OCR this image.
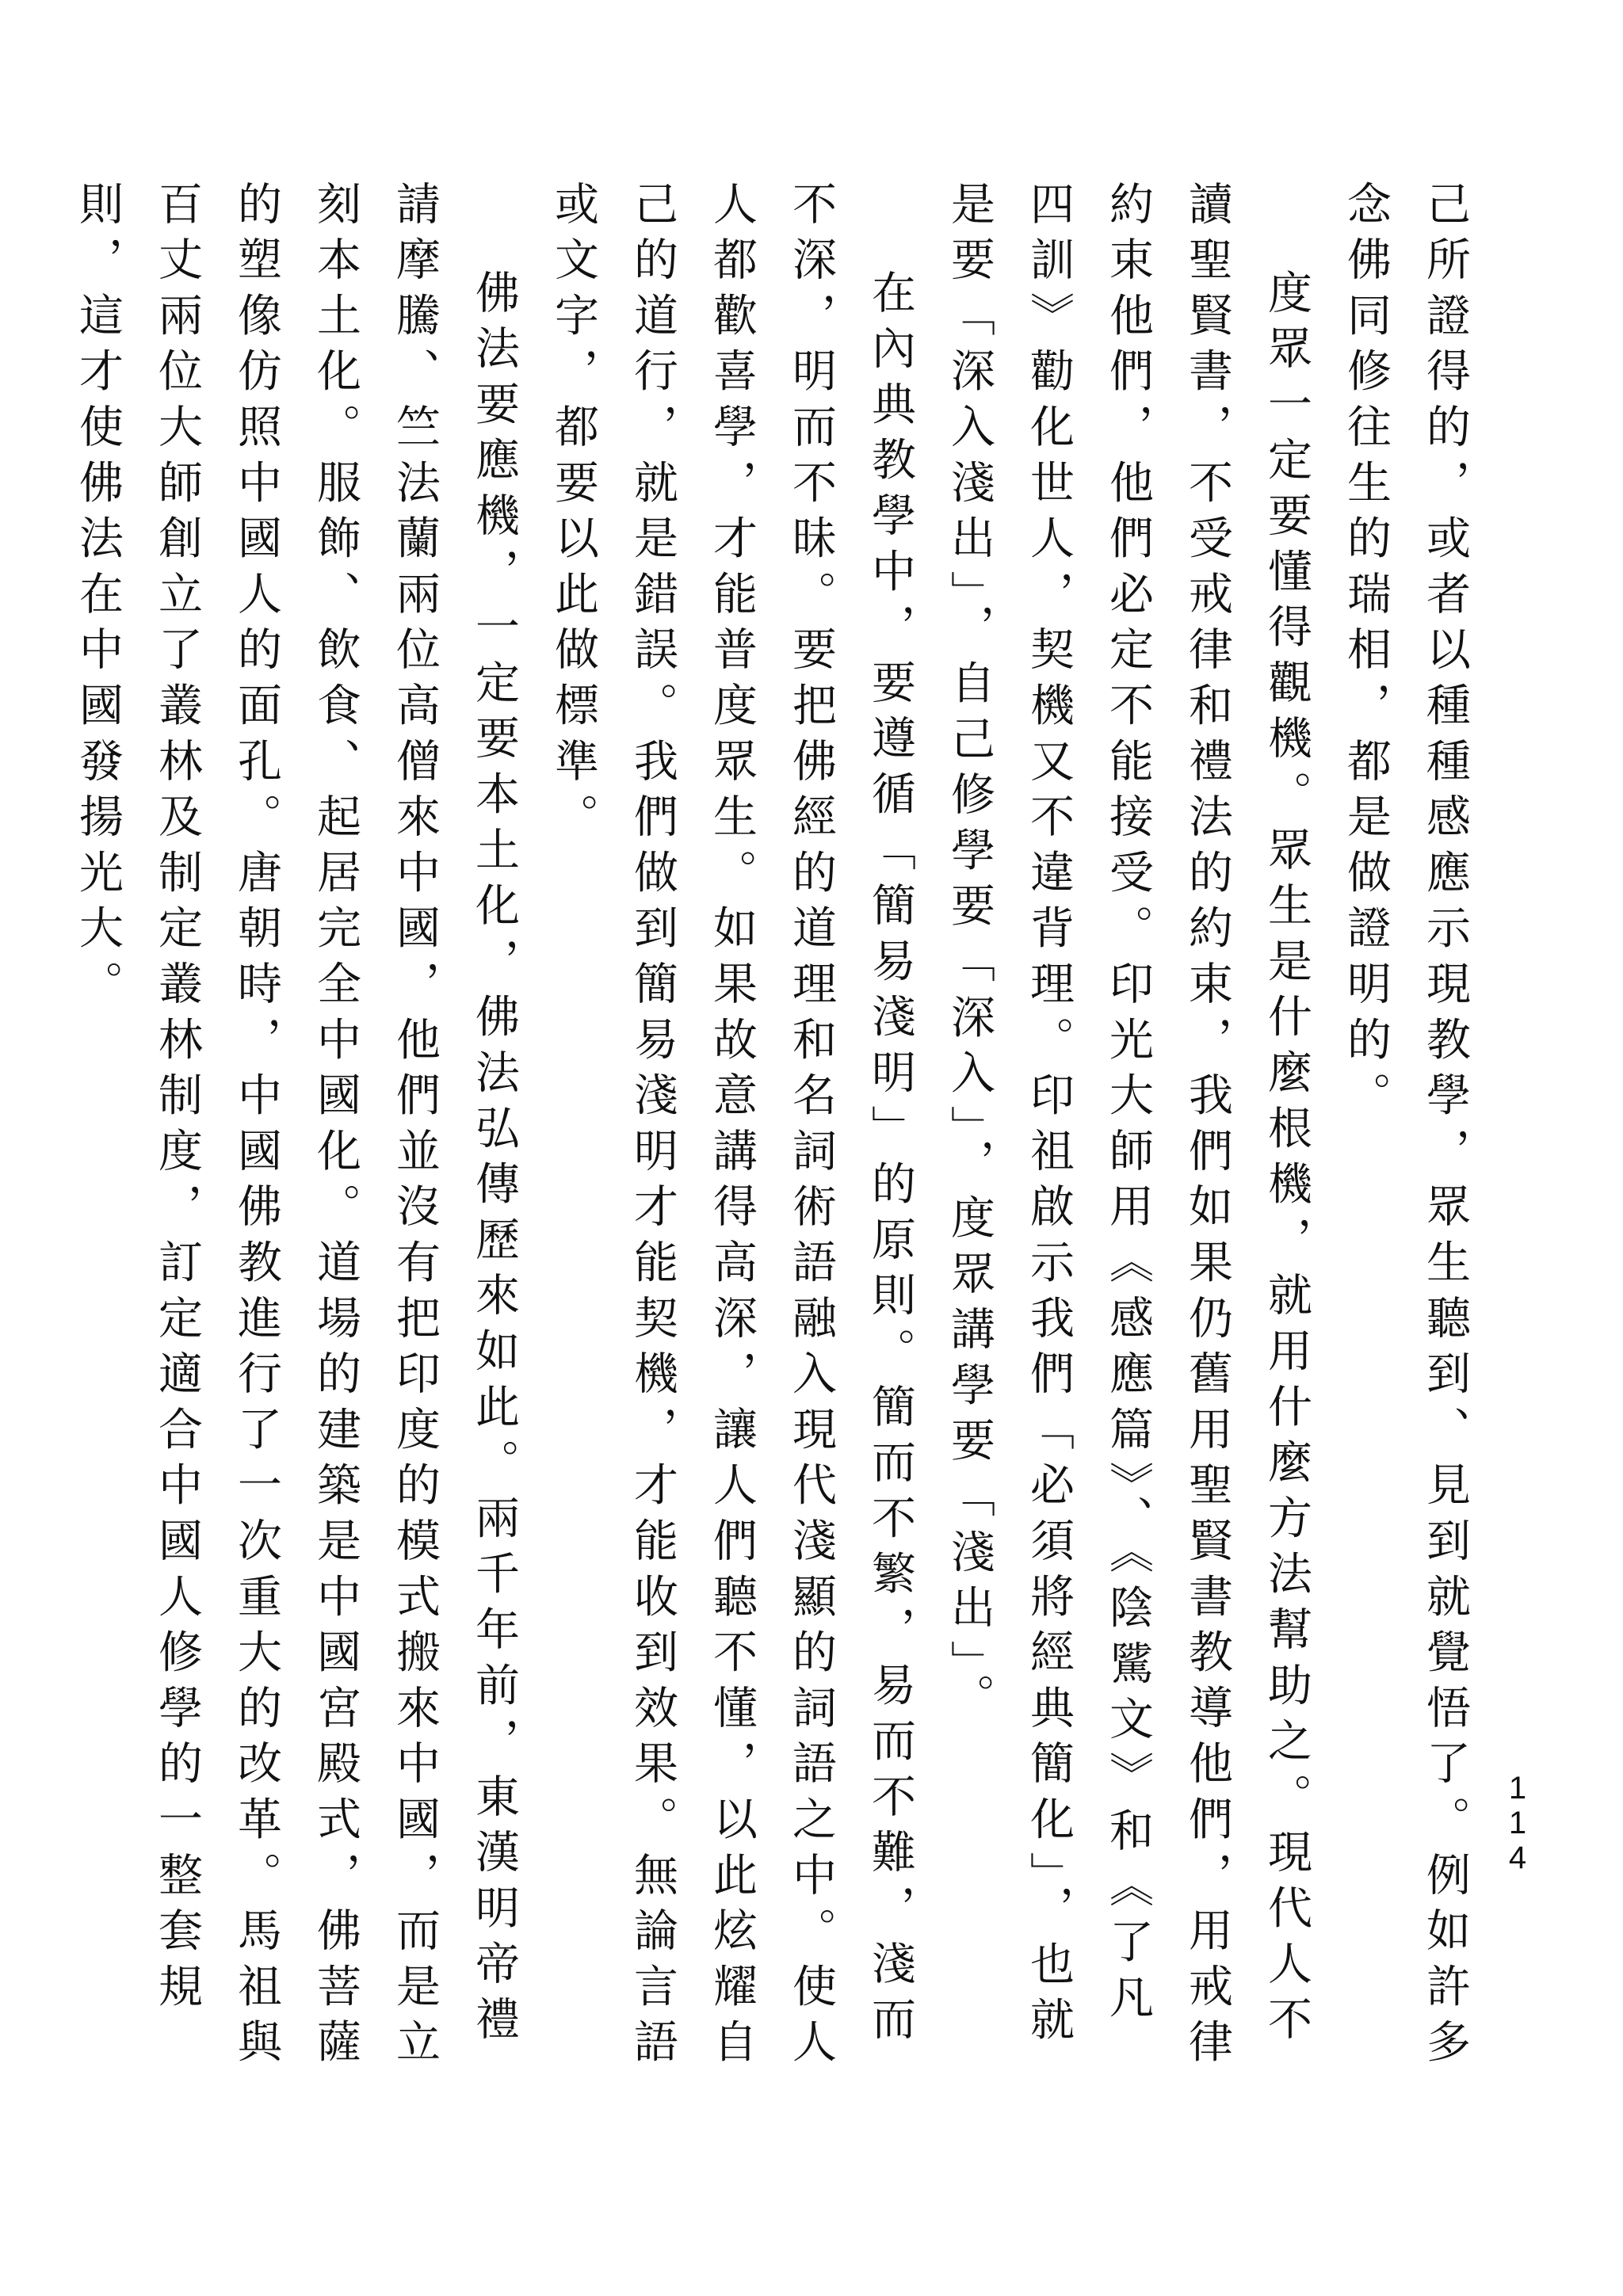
114

己所證得的，或者以種種感應示現教學，眾生聽到、見到就覺悟了。例如許多念佛同修往生的瑞相，都是做證明的。

度眾一定要懂得觀機。眾生是什麼根機，就用什麼方法幫助之。現代人不讀聖賢書，不受戒律和禮法的約束，我們如果仍舊用聖賢書教導他們，用戒律約束他們，他們必定不能接受。印光大師用《感應篇》、《陰騭文》和《了凡四訓》勸化世人，契機又不違背理。印祖啟示我們「必須將經典簡化」，也就是要「深入淺出」，自己修學要「深入」，度眾講學要「淺出」。

在內典教學中，要遵循「簡易淺明」的原則。簡而不繁，易而不難，淺而不深，明而不昧。要把佛經的道理和名詞術語融入現代淺顯的詞語之中。使人人都歡喜學，才能普度眾生。如果故意講得高深，讓人們聽不懂，以此炫耀自己的道行，就是錯誤。我們做到簡易淺明才能契機，才能收到效果。無論言語或文字，都要以此做標準。

佛法要應機，一定要本土化，佛法弘傳歷來如此。兩千年前，東漢明帝禮請摩騰、竺法蘭兩位高僧來中國，他們並沒有把印度的模式搬來中國，而是立刻本土化。服飾、飲食、起居完全中國化。道場的建築是中國宮殿式，佛菩薩的塑像仿照中國人的面孔。唐朝時，中國佛教進行了一次重大的改革。馬祖與百丈兩位大師創立了叢林及制定叢林制度，訂定適合中國人修學的一整套規則，這才使佛法在中國發揚光大。
